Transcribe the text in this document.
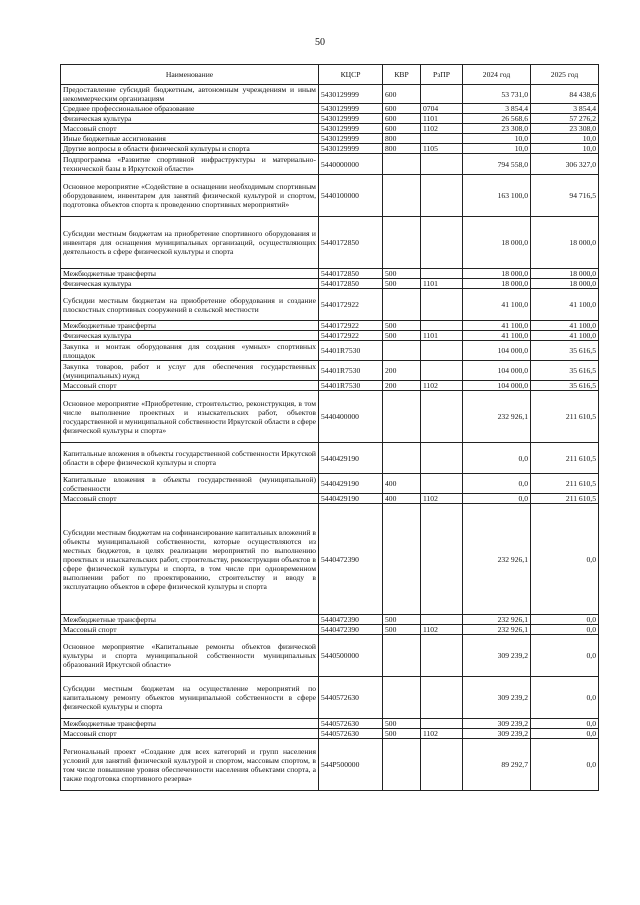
50
Наименование	КЦСР	КВР	РзПР	2024 год	2025 год
Предоставление субсидий бюджетным, автономным учреждениям и иным некоммерческим организациям	5430129999	600		53 731,0	84 438,6
Среднее профессиональное образование	5430129999	600	0704	3 854,4	3 854,4
Физическая культура	5430129999	600	1101	26 568,6	57 276,2
Массовый спорт	5430129999	600	1102	23 308,0	23 308,0
Иные бюджетные ассигнования	5430129999	800		10,0	10,0
Другие вопросы в области физической культуры и спорта	5430129999	800	1105	10,0	10,0
Подпрограмма «Развитие спортивной инфраструктуры и материально- технической базы в Иркутской области»	5440000000			794 558,0	306 327,0
Основное мероприятие «Содействие в оснащении необходимым спортивным оборудованием, инвентарем для занятий физической культурой и спортом, подготовка объектов спорта к проведению спортивных мероприятий»	5440100000			163 100,0	94 716,5
Субсидии местным бюджетам на приобретение спортивного оборудования и инвентаря для оснащения муниципальных организаций, осуществляющих деятельность в сфере физической культуры и спорта	5440172850			18 000,0	18 000,0
Межбюджетные трансферты	5440172850	500		18 000,0	18 000,0
Физическая культура	5440172850	500	1101	18 000,0	18 000,0
Субсидии местным бюджетам на приобретение оборудования и создание плоскостных спортивных сооружений в сельской местности	5440172922			41 100,0	41 100,0
Межбюджетные трансферты	5440172922	500		41 100,0	41 100,0
Физическая культура	5440172922	500	1101	41 100,0	41 100,0
Закупка и монтаж оборудования для создания «умных» спортивных площадок	54401R7530			104 000,0	35 616,5
Закупка товаров, работ и услуг для обеспечения государственных (муниципальных) нужд	54401R7530	200		104 000,0	35 616,5
Массовый спорт	54401R7530	200	1102	104 000,0	35 616,5
Основное мероприятие «Приобретение, строительство, реконструкция, в том числе выполнение проектных и изыскательских работ, объектов государственной и муниципальной собственности Иркутской области в сфере физической культуры и спорта»	5440400000			232 926,1	211 610,5
Капитальные вложения в объекты государственной собственности Иркутской области в сфере физической культуры и спорта	5440429190			0,0	211 610,5
Капитальные вложения в объекты государственной (муниципальной) собственности	5440429190	400		0,0	211 610,5
Массовый спорт	5440429190	400	1102	0,0	211 610,5
Субсидии местным бюджетам на софинансирование капитальных вложений в объекты муниципальной собственности, которые осуществляются из местных бюджетов, в целях реализации мероприятий по выполнению проектных и изыскательских работ, строительству, реконструкции объектов в сфере физической культуры и спорта, в том числе при одновременном выполнении работ по проектированию, строительству и вводу в эксплуатацию объектов в сфере физической культуры и спорта	5440472390			232 926,1	0,0
Межбюджетные трансферты	5440472390	500		232 926,1	0,0
Массовый спорт	5440472390	500	1102	232 926,1	0,0
Основное мероприятие «Капитальные ремонты объектов физической культуры и спорта муниципальной собственности муниципальных образований Иркутской области»	5440500000			309 239,2	0,0
Субсидии местным бюджетам на осуществление мероприятий по капитальному ремонту объектов муниципальной собственности в сфере физической культуры и спорта	5440572630			309 239,2	0,0
Межбюджетные трансферты	5440572630	500		309 239,2	0,0
Массовый спорт	5440572630	500	1102	309 239,2	0,0
Региональный проект «Создание для всех категорий и групп населения условий для занятий физической культурой и спортом, массовым спортом, в том числе повышение уровня обеспеченности населения объектами спорта, а также подготовка спортивного резерва»	544P500000			89 292,7	0,0
